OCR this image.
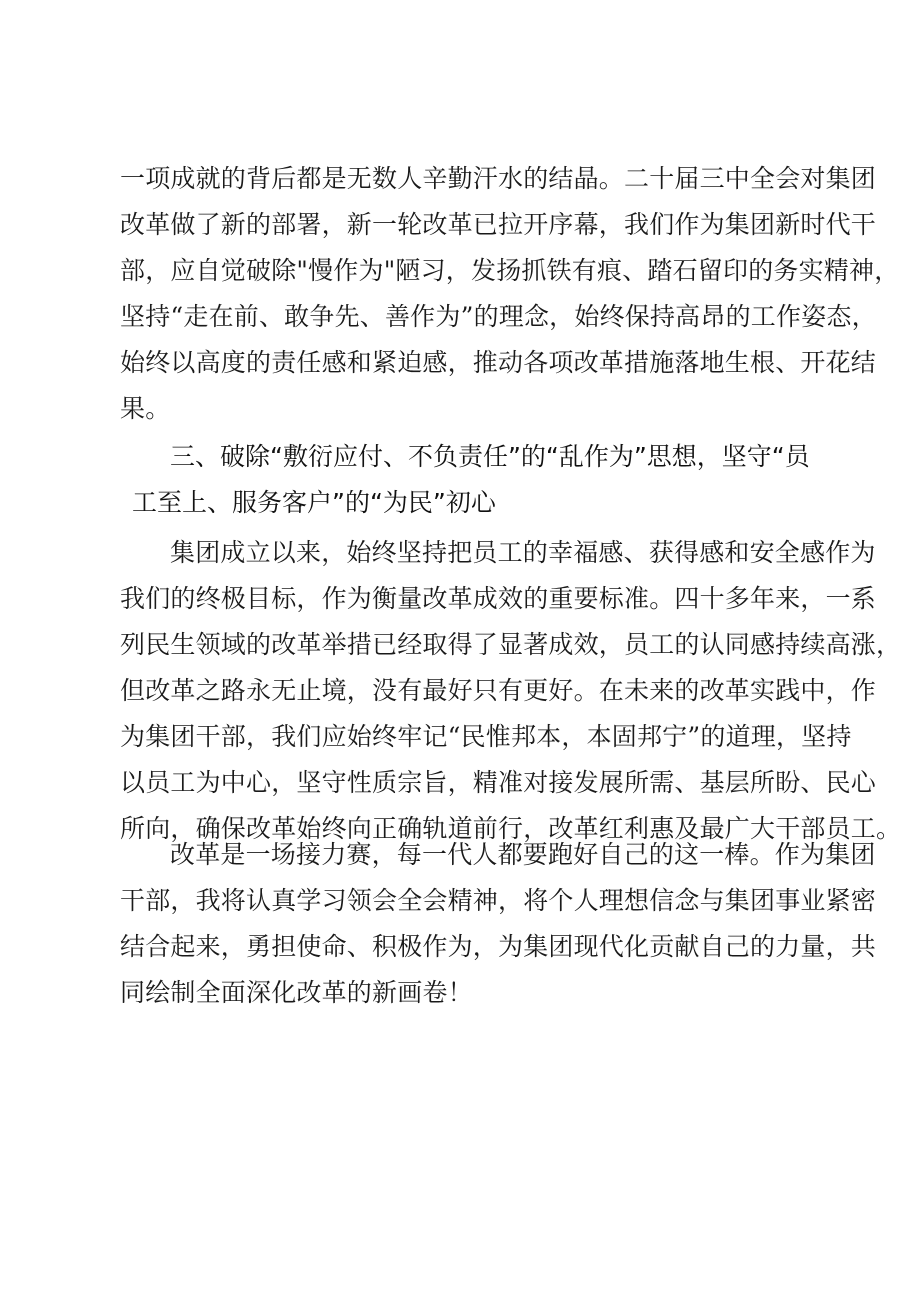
一项成就的背后都是无数人辛勤汗水的结晶。二十届三中全会对集团
改革做了新的部署，新一轮改革已拉开序幕，我们作为集团新时代干
部，应自觉破除"慢作为"陋习，发扬抓铁有痕、踏石留印的务实精神，
坚持“走在前、敢争先、善作为”的理念，始终保持高昂的工作姿态，
始终以高度的责任感和紧迫感，推动各项改革措施落地生根、开花结
果。
三、破除“敷衍应付、不负责任”的“乱作为”思想，坚守“员
工至上、服务客户”的“为民”初心
集团成立以来，始终坚持把员工的幸福感、获得感和安全感作为
我们的终极目标，作为衡量改革成效的重要标准。四十多年来，一系
列民生领域的改革举措已经取得了显著成效，员工的认同感持续高涨，
但改革之路永无止境，没有最好只有更好。在未来的改革实践中，作
为集团干部，我们应始终牢记“民惟邦本，本固邦宁”的道理，坚持
以员工为中心，坚守性质宗旨，精准对接发展所需、基层所盼、民心
所向，确保改革始终向正确轨道前行，改革红利惠及最广大干部员工。
改革是一场接力赛，每一代人都要跑好自己的这一棒。作为集团
干部，我将认真学习领会全会精神，将个人理想信念与集团事业紧密
结合起来，勇担使命、积极作为，为集团现代化贡献自己的力量，共
同绘制全面深化改革的新画卷！
